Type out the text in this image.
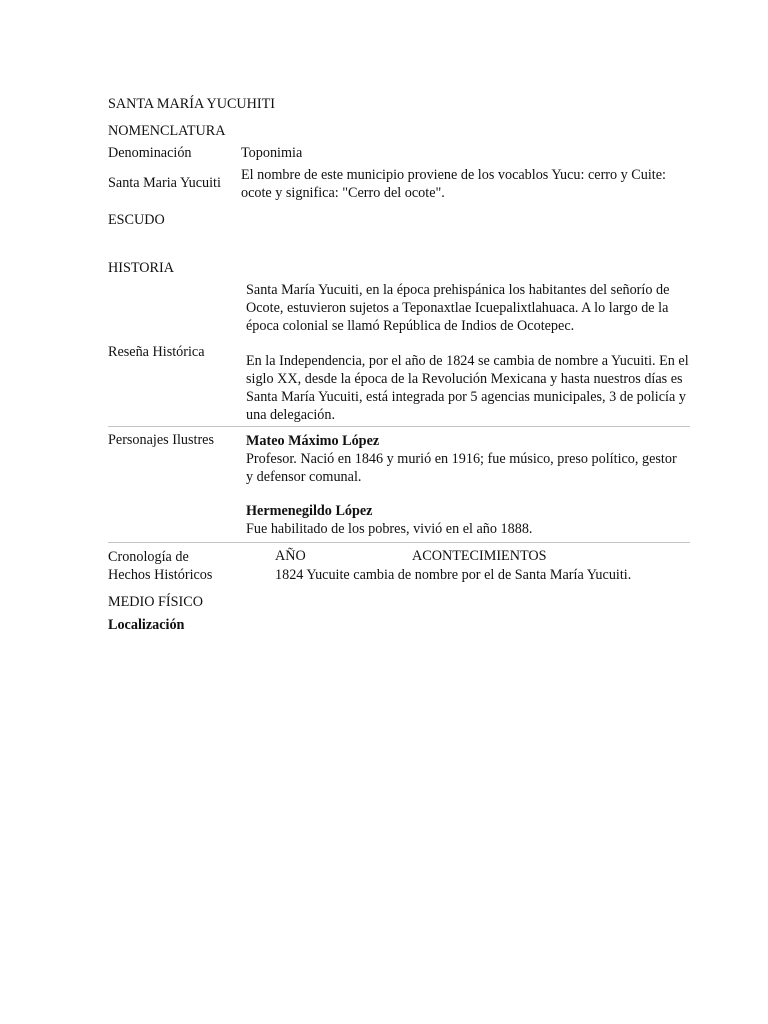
SANTA MARÍA YUCUHITI
NOMENCLATURA
Denominación	Toponimia
Santa Maria Yucuiti El nombre de este municipio proviene de los vocablos Yucu: cerro y Cuite: ocote y significa: "Cerro del ocote".
ESCUDO
HISTORIA
Santa María Yucuiti, en la época prehispánica los habitantes del señorío de Ocote, estuvieron sujetos a Teponaxtlae Icuepalixtlahuaca. A lo largo de la época colonial se llamó República de Indios de Ocotepec.
Reseña Histórica
En la Independencia, por el año de 1824 se cambia de nombre a Yucuiti. En el siglo XX, desde la época de la Revolución Mexicana y hasta nuestros días es Santa María Yucuiti, está integrada por 5 agencias municipales, 3 de policía y una delegación.
Personajes Ilustres Mateo Máximo López
Profesor. Nació en 1846 y murió en 1916; fue músico, preso político, gestor y defensor comunal.
Hermenegildo López
Fue habilitado de los pobres, vivió en el año 1888.
Cronología de
Hechos Históricos
AÑO	ACONTECIMIENTOS
1824 Yucuite cambia de nombre por el de Santa María Yucuiti.
MEDIO FÍSICO
Localización
